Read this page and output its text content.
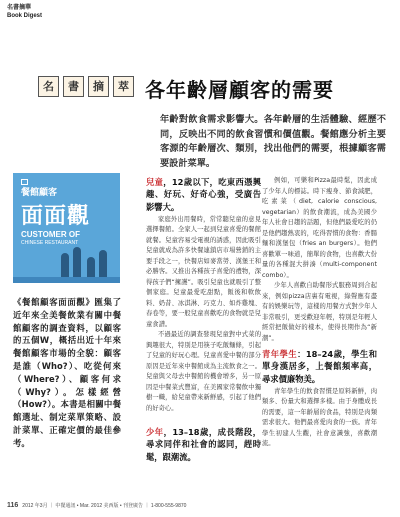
名書摘華
Book Digest
名	書	摘	萃 各年齡層顧客的需要
年齡對飲食需求影響大。各年齡層的生活體驗、經歷不同，反映出不同的飲食習慣和價值觀。餐館應分析主要客源的年齡層次、類別，找出他們的需要，根據顧客需要設計菜單。
餐館顧客
面面觀
CUSTOMER OF
CHINESE RESTAURANT
《餐館顧客面面觀》匯集了近年來全美餐飲業有關中餐館顧客的調查資料，以顧客的五個W，概括出近十年來餐館顧客市場的全貌：顧客是誰（Who?）、吃從何來（Where?）、顧客何求（Why?）。怎樣經營（How?）。本書是相關中餐館選址、制定菜單策略、設計菜單、正確定價的最佳參考。
兒童，12歲以下，吃東西憑興趣、好玩、好奇心強，受廣告影響大。

家庭外出用餐時，常常聽兒童的意見選擇餐館。全家人一起到兒童喜愛的餐館就餐。兒童容易受電視的誘惑，因此吸引兒童就成為許多快餐連鎖店市場營銷的主要手段之一，快餐店如麥當勞、漢堡王和必勝客。又推出各種孩子喜愛的禮物，深得孩子們“擁護”。吸引兒童也就吸引了整個家庭。兒童最愛吃甜點，飯後和軟飲料、奶昔、冰淇淋、巧克力、如炸雞塊、春卷等，要一般兒童喜歡吃的食物就是兒童食譜。

不過最近的調查發現兒童對中式菜的興趣很大，特別是用筷子吃飯麵條，引起了兒童的好玩心理。兒童喜愛中餐的部分原因是近年來中餐館成為主流飲食之一。兒童與父母去中餐館的機會增多，另一原因是中餐菜式豐富，在美國家常餐飲中獨樹一幟，給兒童帶來新鮮感，引起了他們的好奇心。

少年，13–18歲，成長階段，尋求同伴和社會的認同，趕時髦，跟潮流。

例如，可樂和Pizza最時髦，因此成了少年人的標誌。時下瘦身、節食減肥，吃素菜（diet, calorie conscious, vegetarian）的飲食潮流，成為美國少年人社會日趨的話題，但他們最愛吃的仍是他們趨熱衷的，吃得習慣的食物：香腸麵和漢堡包（fries an burgers）。他們喜歡單一味道，簡單的食物，也喜歡大份量的各種混大拼湊（multi-component combo）。

少年人喜歡自助餐形式服務周到合起來，例如pizza店裏有電視，綠聲應有盡有的娛樂玩等，這樣的用餐方式對少年人非常吸引，更受歡迎年輕，特別是年輕人經常把飯做好的樣本，使得長期作為“新潮”。

青年學生：18–24歲，學生和單身漢居多，上餐館頻率高，尋求價廉物美。

青年學生的飲食習慣是原料新鮮，肉類多、份量大和選擇多樣。由于身體成長的需要，這一年齡層的食品，特別是肉類需求很大。他們最喜愛肉食的一族。青年學生初建人生觀，社會意識強，喜歡潮流。

116 2012 年3月 ｜ 中餐通訊 • Mar. 2012 美西版 • 刊登廣告 ｜ 1-800-555-9870
